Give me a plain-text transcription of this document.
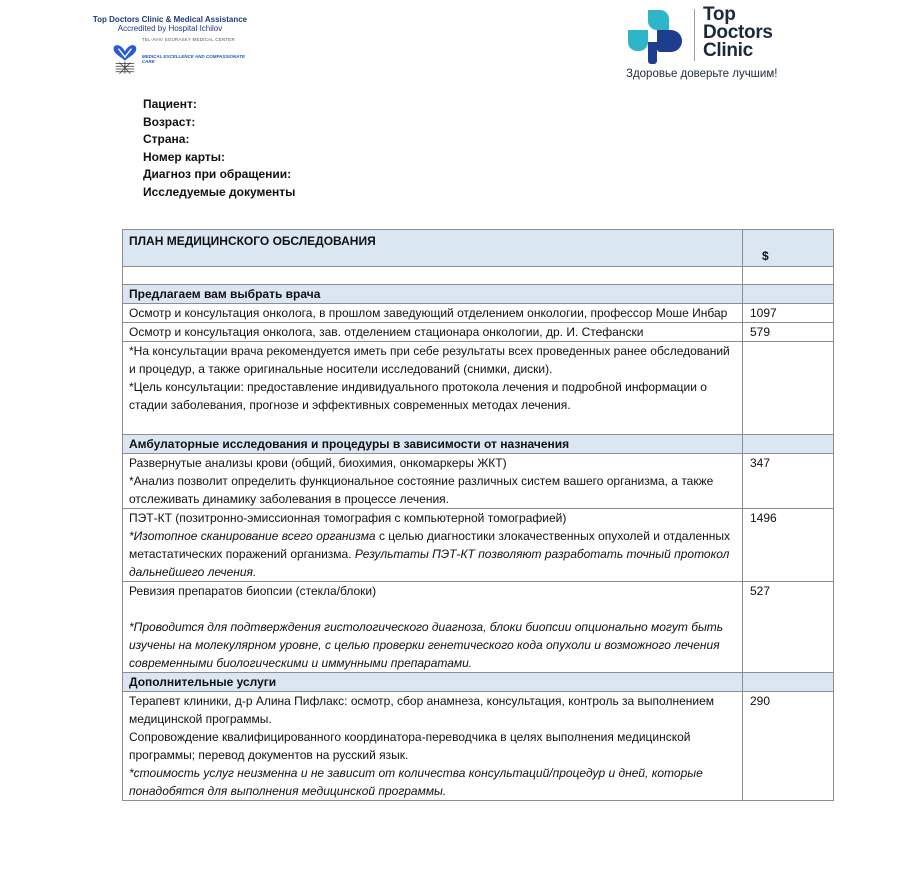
Top Doctors Clinic & Medical Assistance
Accredited by Hospital Ichilov
TEL-AVIV SOURASKY MEDICAL CENTER
MEDICAL EXCELLENCE AND COMPASSIONATE CARE
Top
Doctors
Clinic
Здоровье доверьте лучшим!
Пациент:
Возраст:
Страна:
Номер карты:
Диагноз при обращении:
Исследуемые документы
ПЛАН МЕДИЦИНСКОГО ОБСЛЕДОВАНИЯ	$

Предлагаем вам выбрать врача	
Осмотр и консультация онколога, в прошлом заведующий отделением онкологии, профессор Моше Инбар	1097
Осмотр и консультация онколога, зав. отделением стационара онкологии, др. И. Стефански	579

*На консультации врача рекомендуется иметь при себе результаты всех проведенных ранее обследований и процедур, а также оригинальные носители исследований (снимки, диски).
*Цель консультации: предоставление индивидуального протокола лечения и подробной информации о стадии заболевания, прогнозе и эффективных современных методах лечения.	

Амбулаторные исследования и процедуры в зависимости от назначения	

Развернутые анализы крови (общий, биохимия, онкомаркеры ЖКТ)
*Анализ позволит определить функциональное состояние различных систем вашего организма, а также отслеживать динамику заболевания в процессе лечения.	347

ПЭТ-КТ (позитронно-эмиссионная томография с компьютерной томографией)
*Изотопное сканирование всего организма с целью диагностики злокачественных опухолей и отдаленных метастатических поражений организма. Результаты ПЭТ-КТ позволяют разработать точный протокол дальнейшего лечения.	1496

Ревизия препаратов биопсии (стекла/блоки)
*Проводится для подтверждения гистологического диагноза, блоки биопсии опционально могут быть изучены на молекулярном уровне, с целью проверки генетического кода опухоли и возможного лечения современными биологическими и иммунными препаратами.	527
Дополнительные услуги	

Терапевт клиники, д-р Алина Пифлакс: осмотр, сбор анамнеза, консультация, контроль за выполнением медицинской программы.
Сопровождение квалифицированного координатора-переводчика в целях выполнения медицинской программы; перевод документов на русский язык.
*стоимость услуг неизменна и не зависит от количества консультаций/процедур и дней, которые понадобятся для выполнения медицинской программы.	290
